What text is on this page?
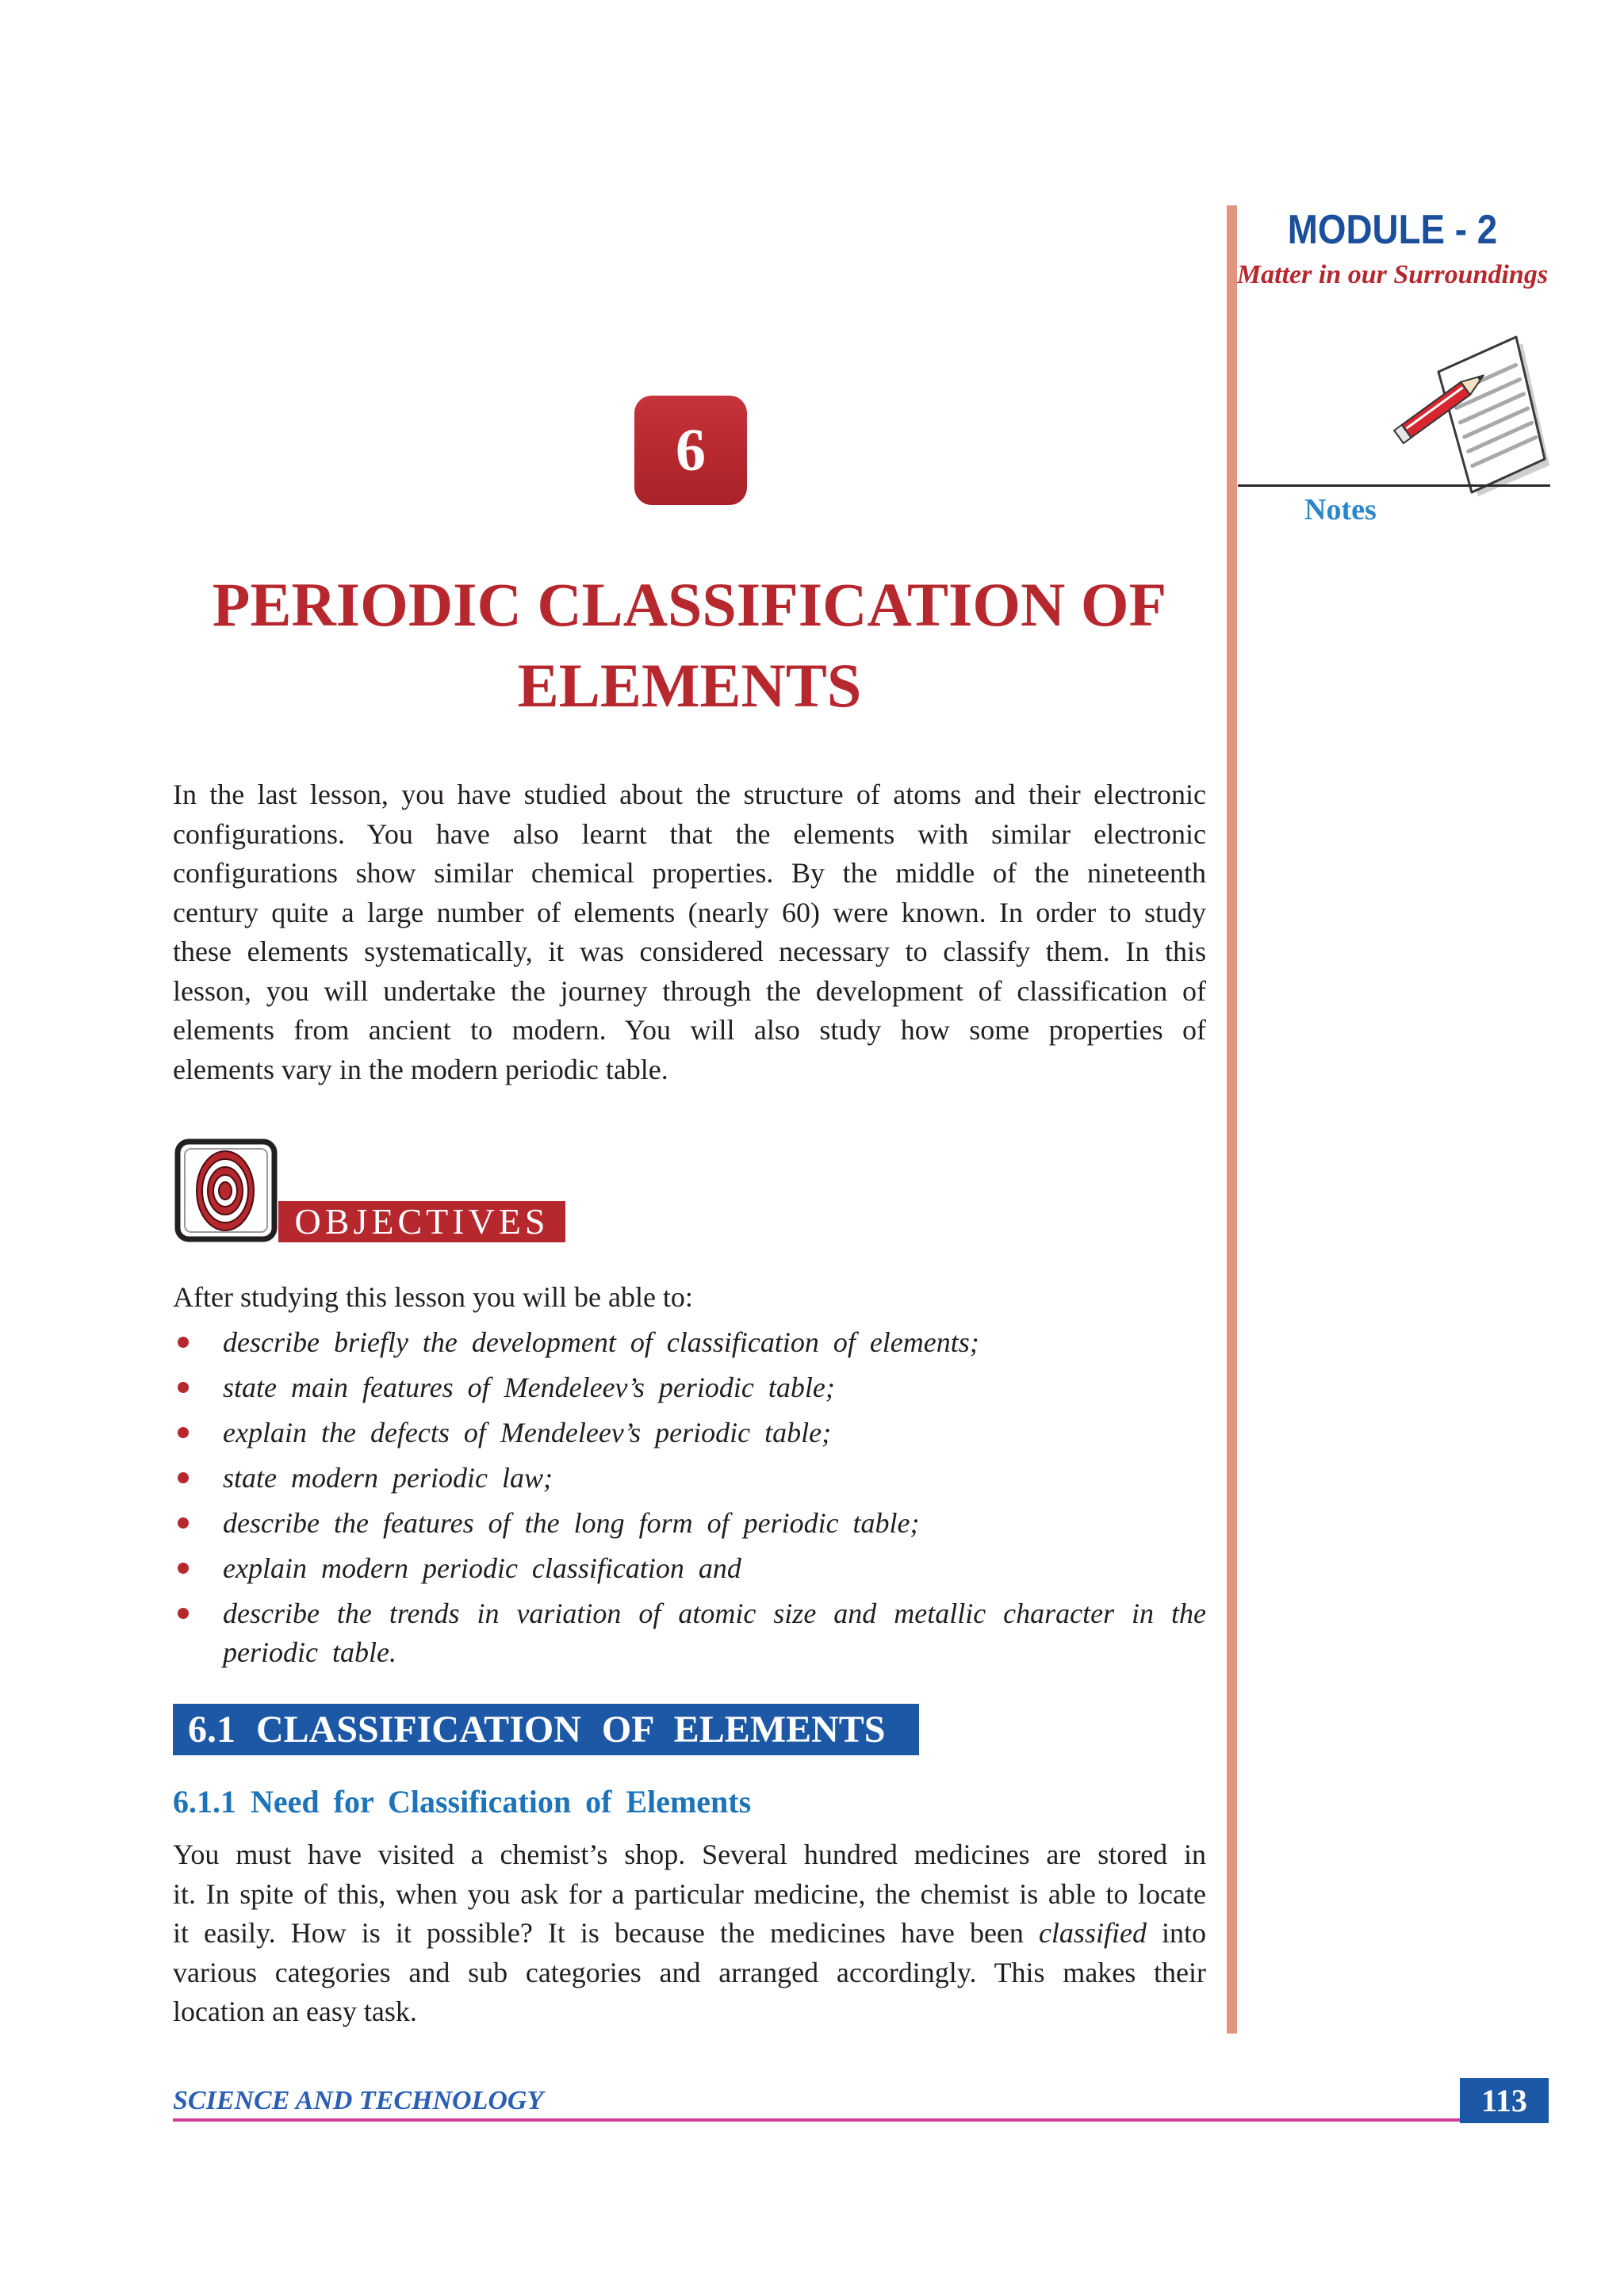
MODULE - 2
Matter in our Surroundings
Notes
6
PERIODIC CLASSIFICATION OF
ELEMENTS
In the last lesson, you have studied about the structure of atoms and their electronic
configurations. You have also learnt that the elements with similar electronic
configurations show similar chemical properties. By the middle of the nineteenth
century quite a large number of elements (nearly 60) were known. In order to study
these elements systematically, it was considered necessary to classify them. In this
lesson, you will undertake the journey through the development of classification of
elements from ancient to modern. You will also study how some properties of
elements vary in the modern periodic table.
OBJECTIVES
After studying this lesson you will be able to:
describe briefly the development of classification of elements;
state main features of Mendeleev’s periodic table;
explain the defects of Mendeleev’s periodic table;
state modern periodic law;
describe the features of the long form of periodic table;
explain modern periodic classification and
describe the trends in variation of atomic size and metallic character in the
periodic table.
6.1 CLASSIFICATION OF ELEMENTS
6.1.1 Need for Classification of Elements
You must have visited a chemist’s shop. Several hundred medicines are stored in
it. In spite of this, when you ask for a particular medicine, the chemist is able to locate
it easily. How is it possible? It is because the medicines have been classified into
various categories and sub categories and arranged accordingly. This makes their
location an easy task.
SCIENCE AND TECHNOLOGY	113
